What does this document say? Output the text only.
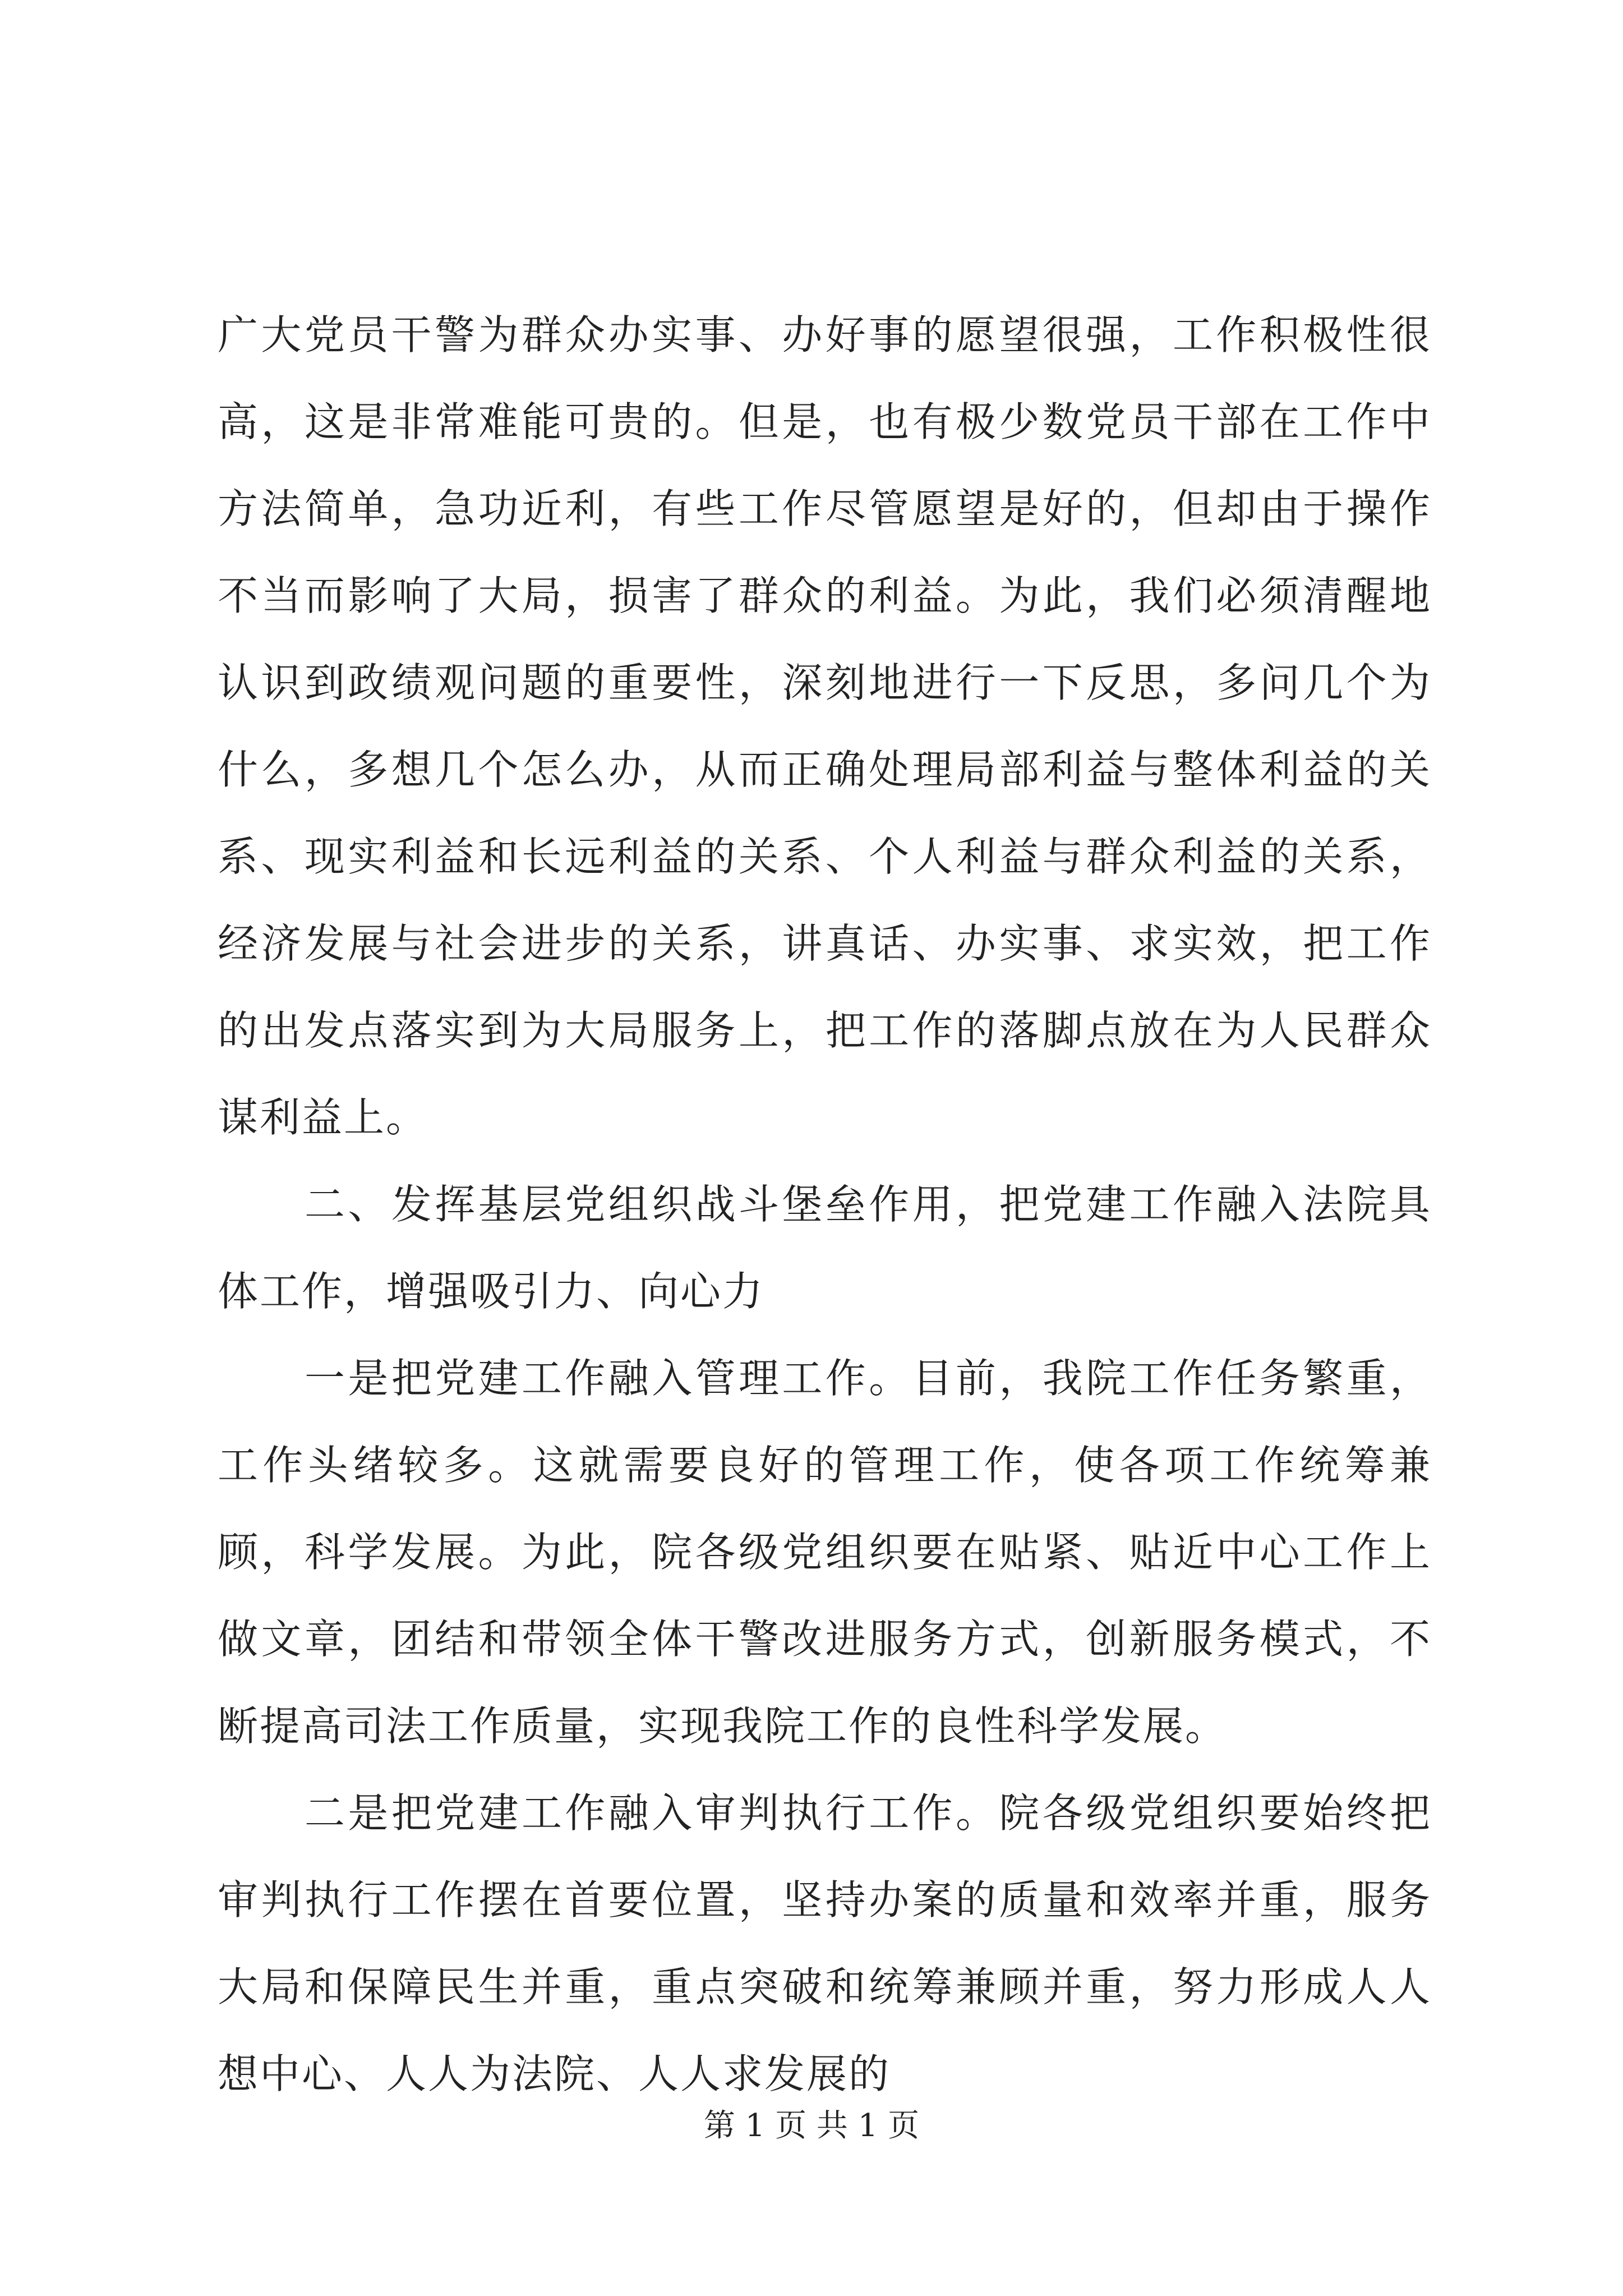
广大党员干警为群众办实事、办好事的愿望很强，工作积极性很高，这是非常难能可贵的。但是，也有极少数党员干部在工作中方法简单，急功近利，有些工作尽管愿望是好的，但却由于操作不当而影响了大局，损害了群众的利益。为此，我们必须清醒地认识到政绩观问题的重要性，深刻地进行一下反思，多问几个为什么，多想几个怎么办，从而正确处理局部利益与整体利益的关系、现实利益和长远利益的关系、个人利益与群众利益的关系，经济发展与社会进步的关系，讲真话、办实事、求实效，把工作的出发点落实到为大局服务上，把工作的落脚点放在为人民群众谋利益上。

二、发挥基层党组织战斗堡垒作用，把党建工作融入法院具体工作，增强吸引力、向心力

一是把党建工作融入管理工作。目前，我院工作任务繁重，工作头绪较多。这就需要良好的管理工作，使各项工作统筹兼顾，科学发展。为此，院各级党组织要在贴紧、贴近中心工作上做文章，团结和带领全体干警改进服务方式，创新服务模式，不断提高司法工作质量，实现我院工作的良性科学发展。

二是把党建工作融入审判执行工作。院各级党组织要始终把审判执行工作摆在首要位置，坚持办案的质量和效率并重，服务大局和保障民生并重，重点突破和统筹兼顾并重，努力形成人人想中心、人人为法院、人人求发展的

第 1 页 共 1 页
